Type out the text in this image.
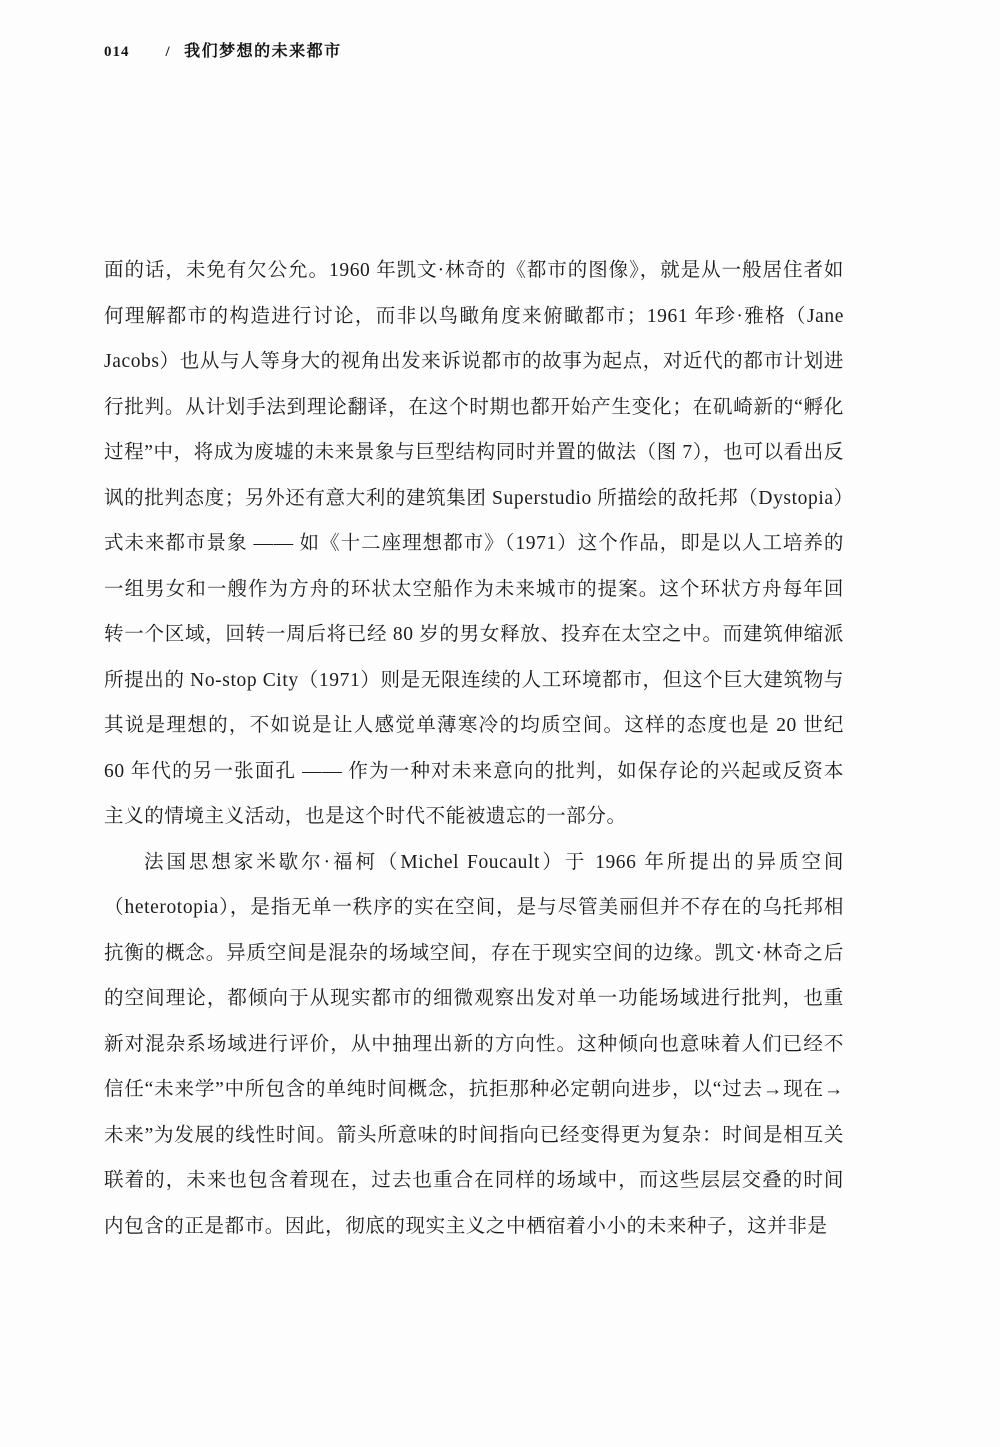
014 / 我们梦想的未来都市

面的话，未免有欠公允。1960 年凯文·林奇的《都市的图像》，就是从一般居住者如何理解都市的构造进行讨论，而非以鸟瞰角度来俯瞰都市；1961 年珍·雅格（Jane Jacobs）也从与人等身大的视角出发来诉说都市的故事为起点，对近代的都市计划进行批判。从计划手法到理论翻译，在这个时期也都开始产生变化；在矶崎新的“孵化过程”中，将成为废墟的未来景象与巨型结构同时并置的做法（图 7），也可以看出反讽的批判态度；另外还有意大利的建筑集团 Superstudio 所描绘的敌托邦（Dystopia）式未来都市景象 —— 如《十二座理想都市》（1971）这个作品，即是以人工培养的一组男女和一艘作为方舟的环状太空船作为未来城市的提案。这个环状方舟每年回转一个区域，回转一周后将已经 80 岁的男女释放、投弃在太空之中。而建筑伸缩派所提出的 No-stop City（1971）则是无限连续的人工环境都市，但这个巨大建筑物与其说是理想的，不如说是让人感觉单薄寒冷的均质空间。这样的态度也是 20 世纪 60 年代的另一张面孔 —— 作为一种对未来意向的批判，如保存论的兴起或反资本主义的情境主义活动，也是这个时代不能被遗忘的一部分。

法国思想家米歇尔·福柯（Michel Foucault）于 1966 年所提出的异质空间（heterotopia），是指无单一秩序的实在空间，是与尽管美丽但并不存在的乌托邦相抗衡的概念。异质空间是混杂的场域空间，存在于现实空间的边缘。凯文·林奇之后的空间理论，都倾向于从现实都市的细微观察出发对单一功能场域进行批判，也重新对混杂系场域进行评价，从中抽理出新的方向性。这种倾向也意味着人们已经不信任“未来学”中所包含的单纯时间概念，抗拒那种必定朝向进步，以“过去→现在→未来”为发展的线性时间。箭头所意味的时间指向已经变得更为复杂：时间是相互关联着的，未来也包含着现在，过去也重合在同样的场域中，而这些层层交叠的时间内包含的正是都市。因此，彻底的现实主义之中栖宿着小小的未来种子，这并非是
